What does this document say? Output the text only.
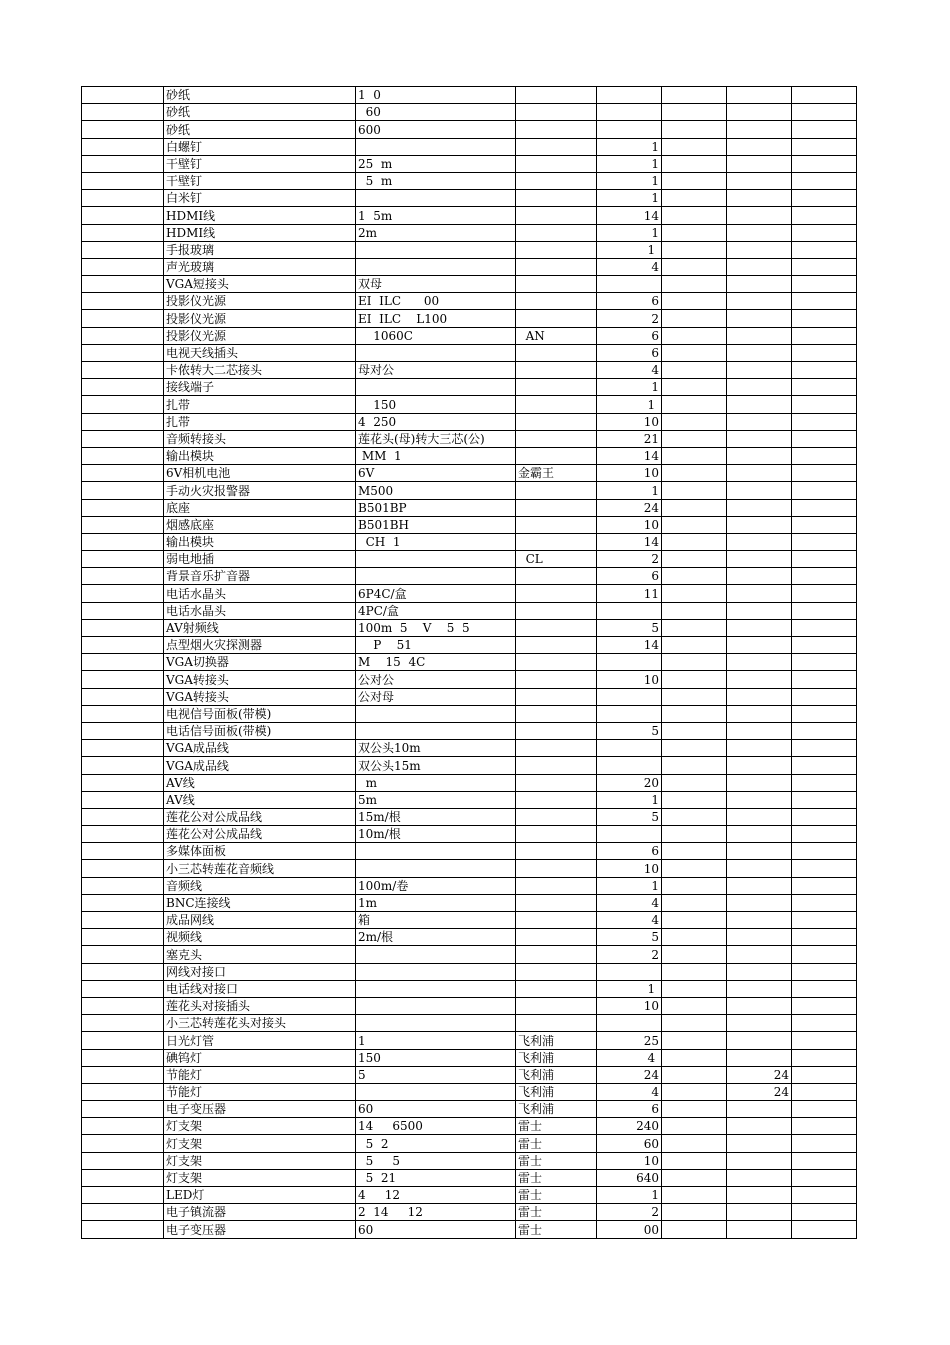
	砂纸	1  0					
	砂纸	60					
	砂纸	600					
	白螺钉			1			
	干壁钉	25  m		1			
	干壁钉	5  m		1			
	白米钉			1			
	HDMI线	1  5m		14			
	HDMI线	2m		1			
	手报玻璃			1			
	声光玻璃			4			
	VGA短接头	双母					
	投影仪光源	EI  ILC      00		6			
	投影仪光源	EI  ILC    L100		2			
	投影仪光源	1060C	AN	6			
	电视天线插头			6			
	卡侬转大二芯接头	母对公		4			
	接线端子			1			
	扎带	150		1			
	扎带	4  250		10			
	音频转接头	莲花头(母)转大三芯(公)		21			
	输出模块	MM  1		14			
	6V相机电池	6V	金霸王	10			
	手动火灾报警器	M500		1			
	底座	B501BP		24			
	烟感底座	B501BH		10			
	输出模块	CH  1		14			
	弱电地插		CL	2			
	背景音乐扩音器			6			
	电话水晶头	6P4C/盒		11			
	电话水晶头	4PC/盒					
	AV射频线	100m  5    V    5  5		5			
	点型烟火灾探测器	P    51		14			
	VGA切换器	M    15  4C					
	VGA转接头	公对公		10			
	VGA转接头	公对母					
	电视信号面板(带模)						
	电话信号面板(带模)			5			
	VGA成品线	双公头10m					
	VGA成品线	双公头15m					
	AV线	m		20			
	AV线	5m		1			
	莲花公对公成品线	15m/根		5			
	莲花公对公成品线	10m/根					
	多媒体面板			6			
	小三芯转莲花音频线			10			
	音频线	100m/卷		1			
	BNC连接线	1m		4			
	成品网线	箱		4			
	视频线	2m/根		5			
	塞克头			2			
	网线对接口						
	电话线对接口			1			
	莲花头对接插头			10			
	小三芯转莲花头对接头						
	日光灯管	1	飞利浦	25			
	碘钨灯	150	飞利浦	4			
	节能灯	5	飞利浦	24		24	
	节能灯		飞利浦	4		24	
	电子变压器	60	飞利浦	6			
	灯支架	14     6500	雷士	240			
	灯支架	5  2	雷士	60			
	灯支架	5     5	雷士	10			
	灯支架	5  21	雷士	640			
	LED灯	4     12	雷士	1			
	电子镇流器	2  14     12	雷士	2			
	电子变压器	60	雷士	00			
